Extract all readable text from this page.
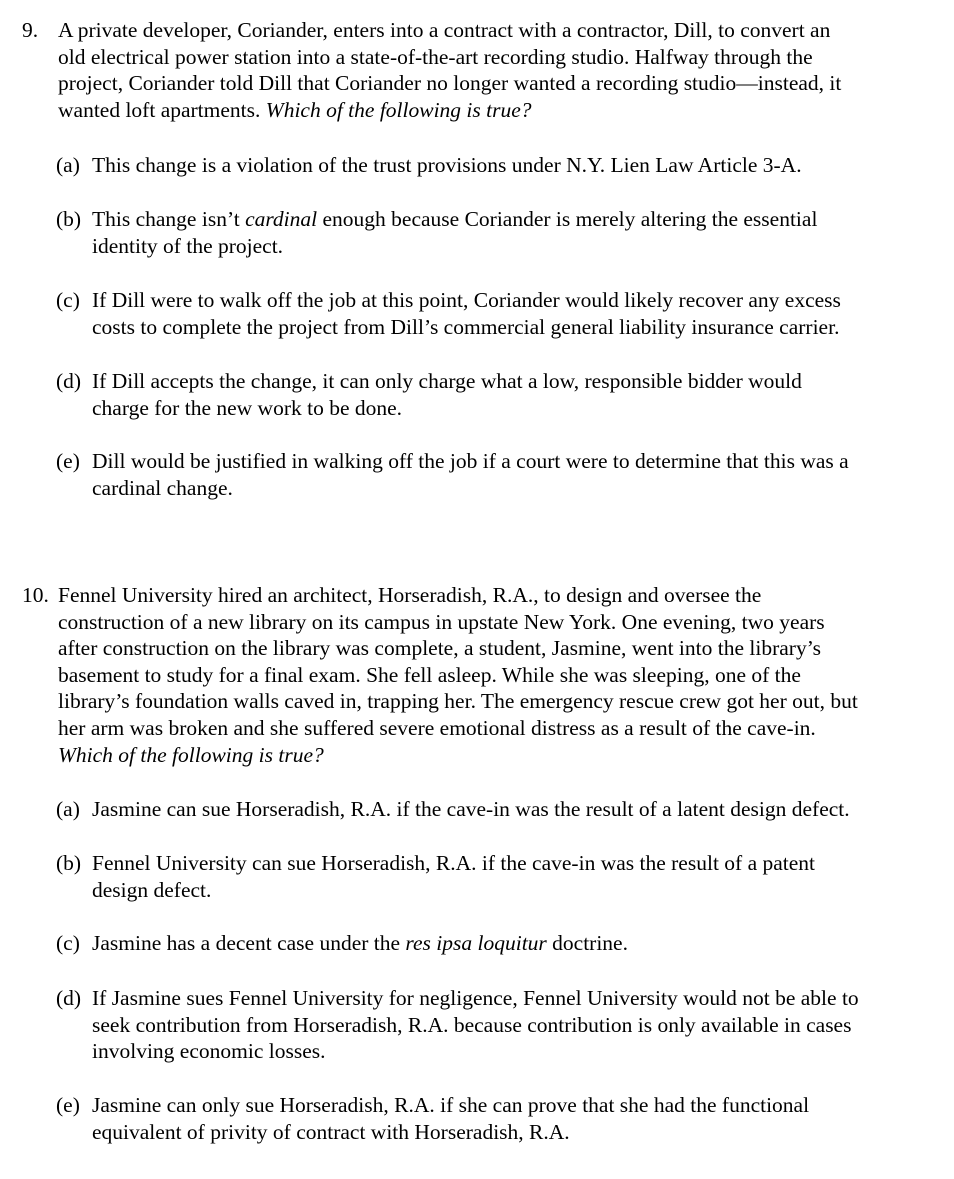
9. A private developer, Coriander, enters into a contract with a contractor, Dill, to convert an
old electrical power station into a state-of-the-art recording studio. Halfway through the
project, Coriander told Dill that Coriander no longer wanted a recording studio—instead, it
wanted loft apartments. Which of the following is true?
(a) This change is a violation of the trust provisions under N.Y. Lien Law Article 3-A.
(b) This change isn’t cardinal enough because Coriander is merely altering the essential
identity of the project.
(c) If Dill were to walk off the job at this point, Coriander would likely recover any excess
costs to complete the project from Dill’s commercial general liability insurance carrier.
(d) If Dill accepts the change, it can only charge what a low, responsible bidder would
charge for the new work to be done.
(e) Dill would be justified in walking off the job if a court were to determine that this was a
cardinal change.
10. Fennel University hired an architect, Horseradish, R.A., to design and oversee the
construction of a new library on its campus in upstate New York. One evening, two years
after construction on the library was complete, a student, Jasmine, went into the library’s
basement to study for a final exam. She fell asleep. While she was sleeping, one of the
library’s foundation walls caved in, trapping her. The emergency rescue crew got her out, but
her arm was broken and she suffered severe emotional distress as a result of the cave-in.
Which of the following is true?
(a) Jasmine can sue Horseradish, R.A. if the cave-in was the result of a latent design defect.
(b) Fennel University can sue Horseradish, R.A. if the cave-in was the result of a patent
design defect.
(c) Jasmine has a decent case under the res ipsa loquitur doctrine.
(d) If Jasmine sues Fennel University for negligence, Fennel University would not be able to
seek contribution from Horseradish, R.A. because contribution is only available in cases
involving economic losses.
(e) Jasmine can only sue Horseradish, R.A. if she can prove that she had the functional
equivalent of privity of contract with Horseradish, R.A.
